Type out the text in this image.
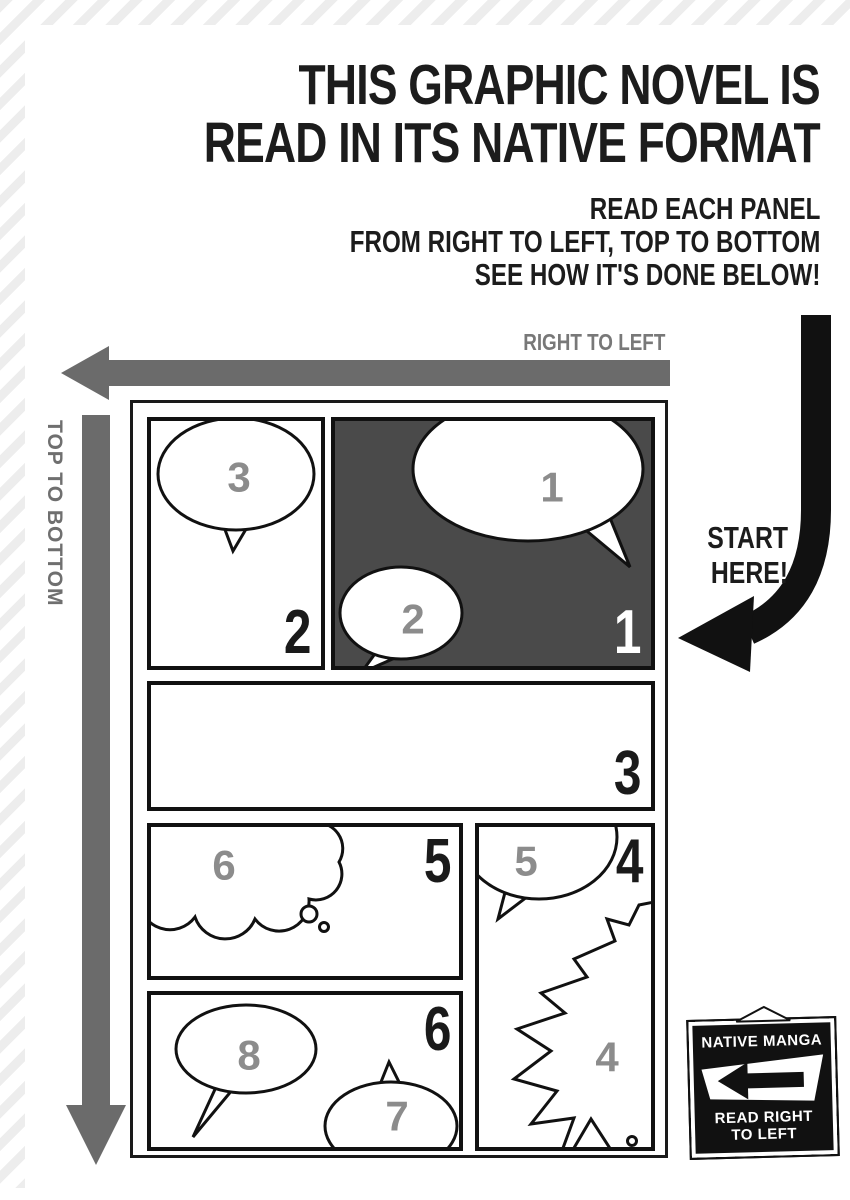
THIS GRAPHIC NOVEL IS
READ IN ITS NATIVE FORMAT
READ EACH PANEL
FROM RIGHT TO LEFT, TOP TO BOTTOM
SEE HOW IT'S DONE BELOW!
START
HERE!
RIGHT TO LEFT
TOP TO BOTTOM	3
2
1
2	1
3
6	5 5
4
4
8
7
6	NATIVE MANGA
READ RIGHT
TO LEFT
